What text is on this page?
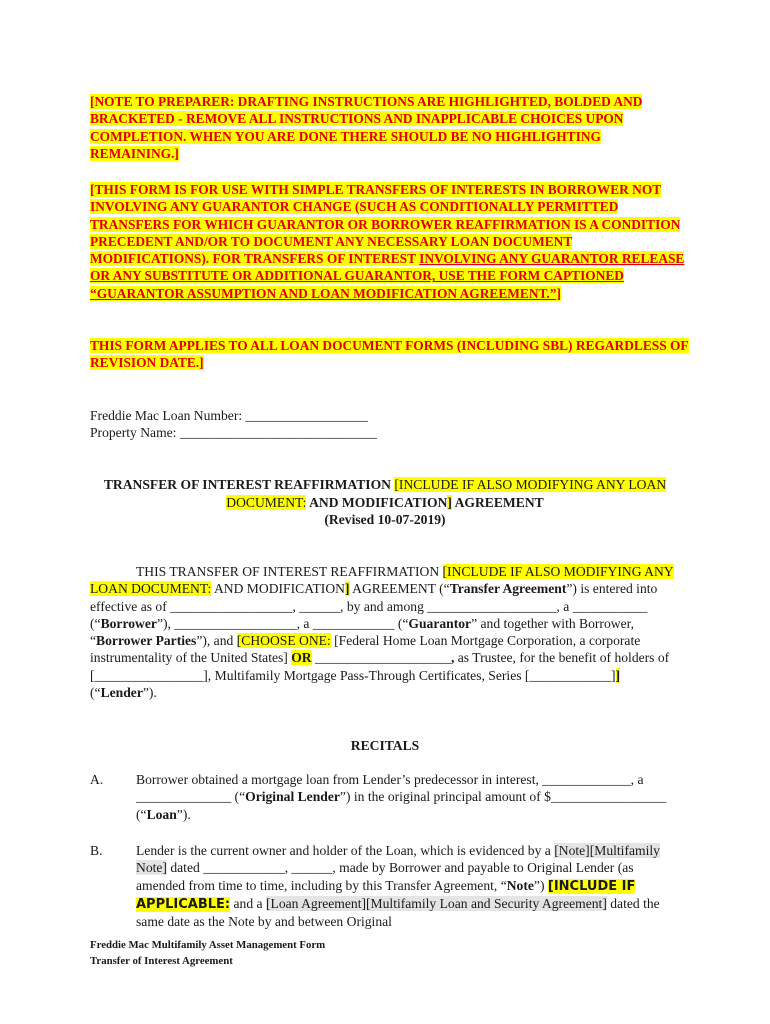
[NOTE TO PREPARER: DRAFTING INSTRUCTIONS ARE HIGHLIGHTED, BOLDED AND BRACKETED - REMOVE ALL INSTRUCTIONS AND INAPPLICABLE CHOICES UPON COMPLETION. WHEN YOU ARE DONE THERE SHOULD BE NO HIGHLIGHTING REMAINING.]
[THIS FORM IS FOR USE WITH SIMPLE TRANSFERS OF INTERESTS IN BORROWER NOT INVOLVING ANY GUARANTOR CHANGE (SUCH AS CONDITIONALLY PERMITTED TRANSFERS FOR WHICH GUARANTOR OR BORROWER REAFFIRMATION IS A CONDITION PRECEDENT AND/OR TO DOCUMENT ANY NECESSARY LOAN DOCUMENT MODIFICATIONS). FOR TRANSFERS OF INTEREST INVOLVING ANY GUARANTOR RELEASE OR ANY SUBSTITUTE OR ADDITIONAL GUARANTOR, USE THE FORM CAPTIONED “GUARANTOR ASSUMPTION AND LOAN MODIFICATION AGREEMENT.”]
THIS FORM APPLIES TO ALL LOAN DOCUMENT FORMS (INCLUDING SBL) REGARDLESS OF REVISION DATE.]
Freddie Mac Loan Number: __________________
Property Name: _____________________________
TRANSFER OF INTEREST REAFFIRMATION [INCLUDE IF ALSO MODIFYING ANY LOAN DOCUMENT: AND MODIFICATION] AGREEMENT
(Revised 10-07-2019)
THIS TRANSFER OF INTEREST REAFFIRMATION [INCLUDE IF ALSO MODIFYING ANY LOAN DOCUMENT: AND MODIFICATION] AGREEMENT (“Transfer Agreement”) is entered into effective as of __________________, ______, by and among ___________________, a ___________ (“Borrower”), __________________, a ____________ (“Guarantor” and together with Borrower, “Borrower Parties”), and [CHOOSE ONE: [Federal Home Loan Mortgage Corporation, a corporate instrumentality of the United States] OR ____________________, as Trustee, for the benefit of holders of [________________], Multifamily Mortgage Pass-Through Certificates, Series [____________]](“Lender”).
RECITALS
A. Borrower obtained a mortgage loan from Lender’s predecessor in interest, _____________, a ______________ (“Original Lender”) in the original principal amount of $_________________ (“Loan”).
B. Lender is the current owner and holder of the Loan, which is evidenced by a [Note][Multifamily Note] dated ____________, ______, made by Borrower and payable to Original Lender (as amended from time to time, including by this Transfer Agreement, “Note”) [INCLUDE IF APPLICABLE: and a [Loan Agreement][Multifamily Loan and Security Agreement] dated the same date as the Note by and between Original
Freddie Mac Multifamily Asset Management Form
Transfer of Interest Agreement
